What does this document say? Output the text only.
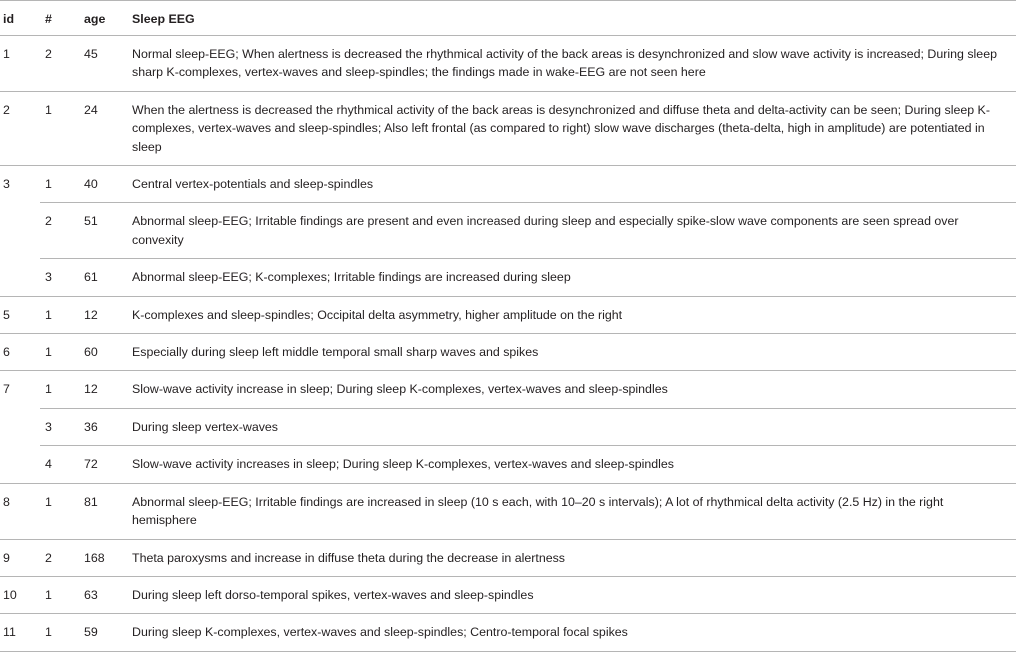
id	#	age	Sleep EEG
1	2	45	Normal sleep-EEG; When alertness is decreased the rhythmical activity of the back areas is desynchronized and slow wave activity is increased; During sleep sharp K-complexes, vertex-waves and sleep-spindles; the findings made in wake-EEG are not seen here
2	1	24	When the alertness is decreased the rhythmical activity of the back areas is desynchronized and diffuse theta and delta-activity can be seen; During sleep K-complexes, vertex-waves and sleep-spindles; Also left frontal (as compared to right) slow wave discharges (theta-delta, high in amplitude) are potentiated in sleep
3	1	40	Central vertex-potentials and sleep-spindles
	2	51	Abnormal sleep-EEG; Irritable findings are present and even increased during sleep and especially spike-slow wave components are seen spread over convexity
	3	61	Abnormal sleep-EEG; K-complexes; Irritable findings are increased during sleep
5	1	12	K-complexes and sleep-spindles; Occipital delta asymmetry, higher amplitude on the right
6	1	60	Especially during sleep left middle temporal small sharp waves and spikes
7	1	12	Slow-wave activity increase in sleep; During sleep K-complexes, vertex-waves and sleep-spindles
	3	36	During sleep vertex-waves
	4	72	Slow-wave activity increases in sleep; During sleep K-complexes, vertex-waves and sleep-spindles
8	1	81	Abnormal sleep-EEG; Irritable findings are increased in sleep (10 s each, with 10–20 s intervals); A lot of rhythmical delta activity (2.5 Hz) in the right hemisphere
9	2	168	Theta paroxysms and increase in diffuse theta during the decrease in alertness
10	1	63	During sleep left dorso-temporal spikes, vertex-waves and sleep-spindles
11	1	59	During sleep K-complexes, vertex-waves and sleep-spindles; Centro-temporal focal spikes
